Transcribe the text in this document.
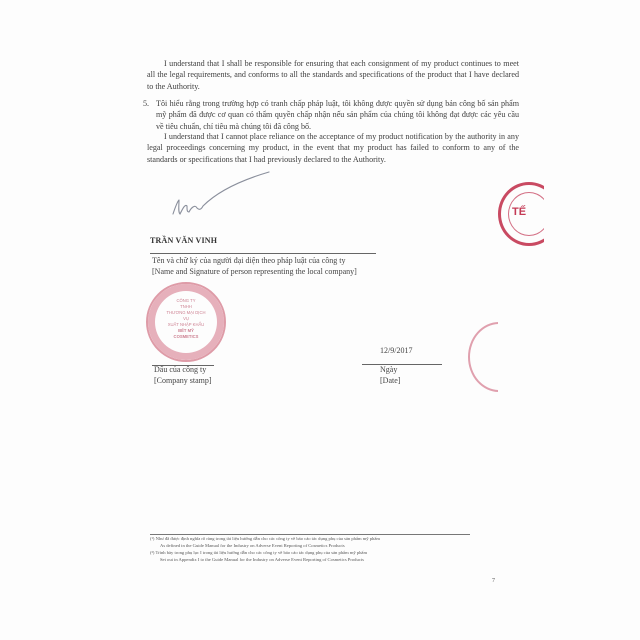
I understand that I shall be responsible for ensuring that each consignment of my product continues to meet all the legal requirements, and conforms to all the standards and specifications of the product that I have declared to the Authority.
5. Tôi hiểu rằng trong trường hợp có tranh chấp pháp luật, tôi không được quyền sử dụng bản công bố sản phẩm mỹ phẩm đã được cơ quan có thẩm quyền chấp nhận nếu sản phẩm của chúng tôi không đạt được các yêu cầu về tiêu chuẩn, chỉ tiêu mà chúng tôi đã công bố.
I understand that I cannot place reliance on the acceptance of my product notification by the authority in any legal proceedings concerning my product, in the event that my product has failed to conform to any of the standards or specifications that I had previously declared to the Authority.
TRẦN VĂN VINH
Tên và chữ ký của người đại diện theo pháp luật của công ty
[Name and Signature of person representing the local company]
CÔNG TY
TNHH
THƯƠNG MẠI DỊCH VỤ
XUẤT NHẬP KHẨU
BẾT MỸ
COSMETICS
TẾ
Dấu của công ty
[Company stamp]
12/9/2017
Ngày
[Date]
(¹) Như đã được định nghĩa rõ ràng trong tài liệu hướng dẫn cho các công ty về báo cáo tác dụng phụ của sản phẩm mỹ phẩm
As defined in the Guide Manual for the Industry on Adverse Event Reporting of Cosmetics Products
(²) Trình bày trong phụ lục I trong tài liệu hướng dẫn cho các công ty về báo cáo tác dụng phụ của sản phẩm mỹ phẩm
Set out in Appendix I to the Guide Manual for the Industry on Adverse Event Reporting of Cosmetics Products
7
